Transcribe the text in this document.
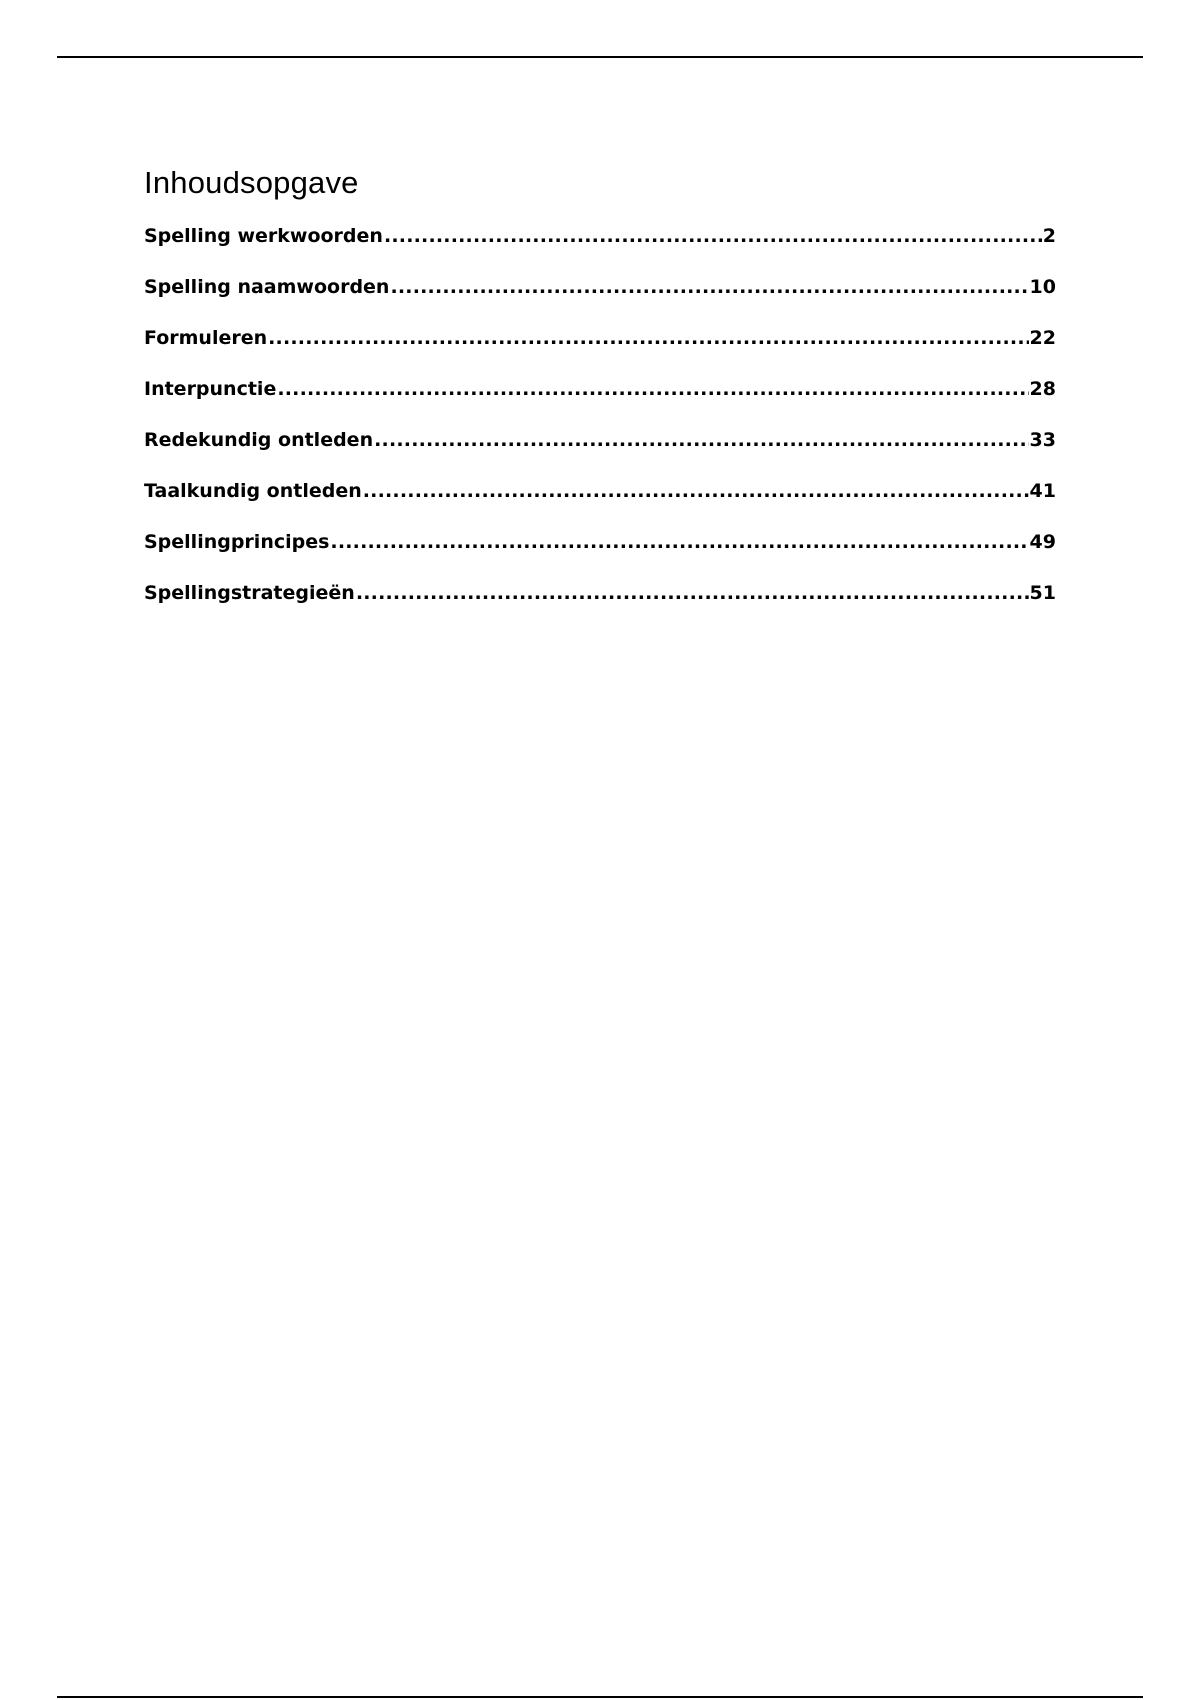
Inhoudsopgave
Spelling werkwoorden .....	2
Spelling naamwoorden .....	10
Formuleren .....	22
Interpunctie .....	28
Redekundig ontleden .....	33
Taalkundig ontleden .....	41
Spellingprincipes .....	49
Spellingstrategieën .....	51
